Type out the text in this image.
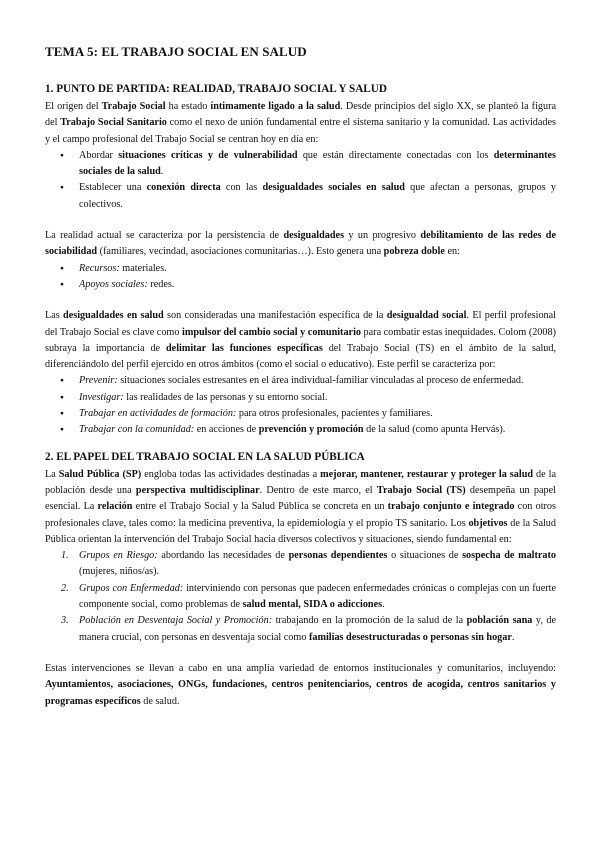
TEMA 5: EL TRABAJO SOCIAL EN SALUD
1. PUNTO DE PARTIDA: REALIDAD, TRABAJO SOCIAL Y SALUD

El origen del Trabajo Social ha estado íntimamente ligado a la salud. Desde principios del siglo XX, se planteó la figura del Trabajo Social Sanitario como el nexo de unión fundamental entre el sistema sanitario y la comunidad. Las actividades y el campo profesional del Trabajo Social se centran hoy en día en:

● Abordar situaciones críticas y de vulnerabilidad que están directamente conectadas con los determinantes sociales de la salud.
● Establecer una conexión directa con las desigualdades sociales en salud que afectan a personas, grupos y colectivos.

La realidad actual se caracteriza por la persistencia de desigualdades y un progresivo debilitamiento de las redes de sociabilidad (familiares, vecindad, asociaciones comunitarias…). Esto genera una pobreza doble en:

● Recursos: materiales.
● Apoyos sociales: redes.

Las desigualdades en salud son consideradas una manifestación específica de la desigualdad social. El perfil profesional del Trabajo Social es clave como impulsor del cambio social y comunitario para combatir estas inequidades. Colom (2008) subraya la importancia de delimitar las funciones específicas del Trabajo Social (TS) en el ámbito de la salud, diferenciándolo del perfil ejercido en otros ámbitos (como el social o educativo). Este perfil se caracteriza por:

● Prevenir: situaciones sociales estresantes en el área individual-familiar vinculadas al proceso de enfermedad.
● Investigar: las realidades de las personas y su entorno social.
● Trabajar en actividades de formación: para otros profesionales, pacientes y familiares.
● Trabajar con la comunidad: en acciones de prevención y promoción de la salud (como apunta Hervás).
2. EL PAPEL DEL TRABAJO SOCIAL EN LA SALUD PÚBLICA

La Salud Pública (SP) engloba todas las actividades destinadas a mejorar, mantener, restaurar y proteger la salud de la población desde una perspectiva multidisciplinar. Dentro de este marco, el Trabajo Social (TS) desempeña un papel esencial. La relación entre el Trabajo Social y la Salud Pública se concreta en un trabajo conjunto e integrado con otros profesionales clave, tales como: la medicina preventiva, la epidemiología y el propio TS sanitario. Los objetivos de la Salud Pública orientan la intervención del Trabajo Social hacia diversos colectivos y situaciones, siendo fundamental en:

1. Grupos en Riesgo: abordando las necesidades de personas dependientes o situaciones de sospecha de maltrato (mujeres, niños/as).
2. Grupos con Enfermedad: interviniendo con personas que padecen enfermedades crónicas o complejas con un fuerte componente social, como problemas de salud mental, SIDA o adicciones.
3. Población en Desventaja Social y Promoción: trabajando en la promoción de la salud de la población sana y, de manera crucial, con personas en desventaja social como familias desestructuradas o personas sin hogar.

Estas intervenciones se llevan a cabo en una amplia variedad de entornos institucionales y comunitarios, incluyendo: Ayuntamientos, asociaciones, ONGs, fundaciones, centros penitenciarios, centros de acogida, centros sanitarios y programas específicos de salud.
